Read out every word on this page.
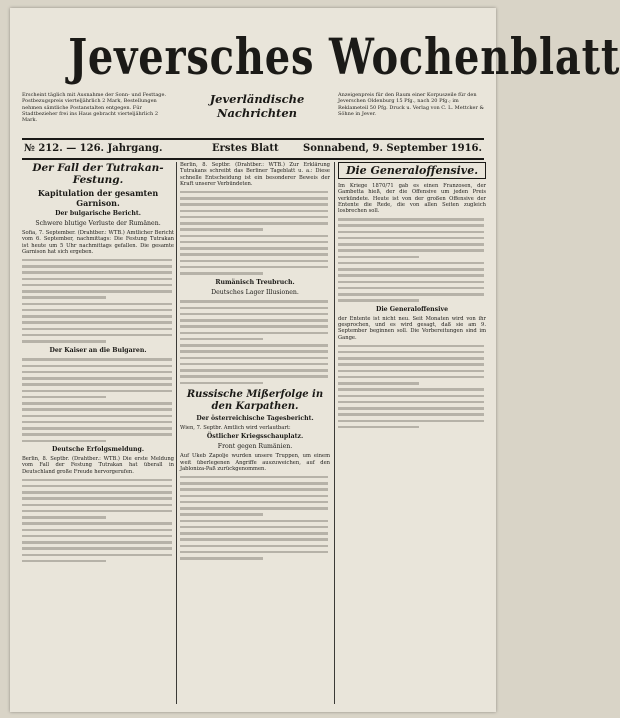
Jeversches Wochenblatt
Erscheint täglich mit Ausnahme der Sonn- und Festtage. Postbezugspreis vierteljährlich 2 Mark, Bestellungen nehmen sämtliche Postanstalten entgegen. Für Stadtbezieher frei ins Haus gebracht vierteljährlich 2 Mark.
Jeverländische
Nachrichten
Anzeigenpreis für den Raum einer Korpuszeile für den Jeverschen Oldenburg 15 Pfg., nach 20 Pfg.; im Reklameteil 50 Pfg. Druck u. Verlag von C. L. Mettcker & Söhne in Jever.
№ 212. — 126. Jahrgang.	Erstes Blatt Sonnabend, 9. September 1916.
Der Fall der Tutrakan-Festung.
Kapitulation der gesamten Garnison.
Der bulgarische Bericht.
Schwere blutige Verluste der Rumänen.

Sofia, 7. September. (Drahtber.: WTB.) Amtlicher Bericht vom 6. September, nachmittags: Die Festung Tutrakan ist heute um 5 Uhr nachmittags gefallen. Die gesamte Garnison hat sich ergeben.

Der Kaiser an die Bulgaren.
Deutsche Erfolgsmeldung.

Berlin, 8. Septbr. (Drahtber.: WTB.) Die erste Meldung vom Fall der Festung Tutrakan hat überall in Deutschland große Freude hervorgerufen.

Berlin, 8. Septbr. (Drahtber.: WTB.) Zur Erklärung Tutrakans schreibt das Berliner Tageblatt u. a.: Diese schnelle Entscheidung ist ein besonderer Beweis der Kraft unserer Verbündeten.

Rumänisch Treubruch.
Deutsches Lager Illusionen.
Russische Mißerfolge in den Karpathen.
Der österreichische Tagesbericht.

Wien, 7. Septbr. Amtlich wird verlautbart:

Östlicher Kriegsschauplatz.
Front gegen Rumänien.

Auf Ukeb Zapolje wurden unsere Truppen, um einem weit überlegenen Angriffe auszuweichen, auf den Jabloniza-Paß zurückgenommen.

Die Generaloffensive.

Im Kriege 1870/71 gab es einen Franzosen, der Gambetta hieß, der die Offensive um jeden Preis verkündete. Heute ist von der großen Offensive der Entente die Rede, die von allen Seiten zugleich losbrechen soll.

Die Generaloffensive

der Entente ist nicht neu. Seit Monaten wird von ihr gesprochen, und es wird gesagt, daß sie am 9. September beginnen soll. Die Vorbereitungen sind im Gange.
